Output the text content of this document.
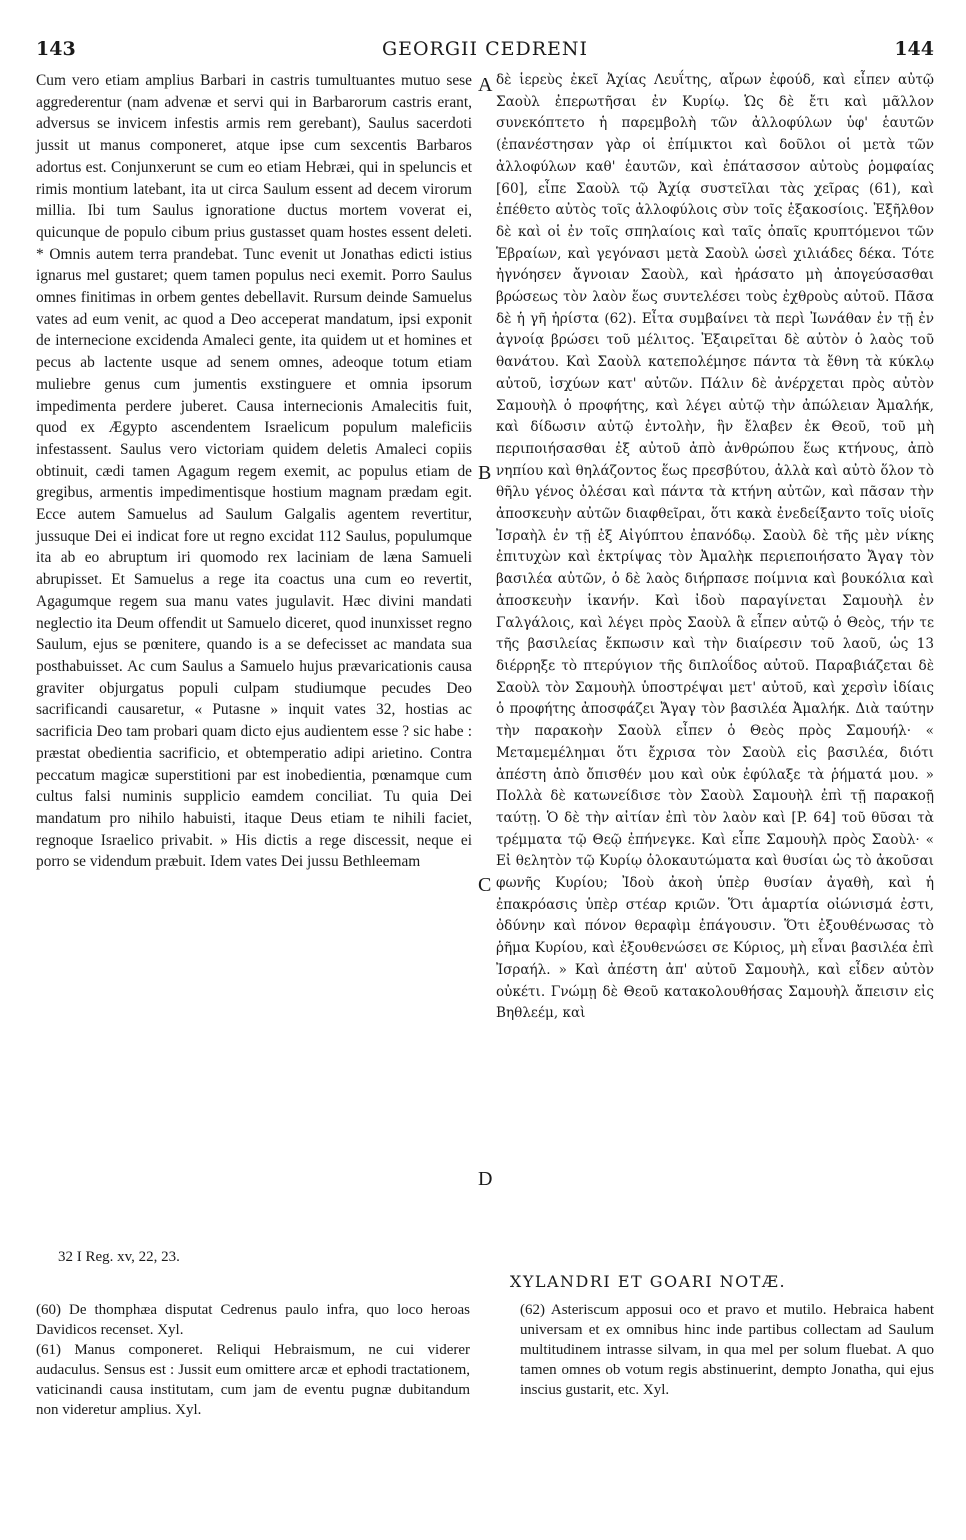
143	GEORGII CEDRENI	144

Cum vero etiam amplius Barbari in castris tumultuantes mutuo sese aggrederentur (nam advenæ et servi qui in Barbarorum castris erant, adversus se invicem infestis armis rem gerebant), Saulus sacerdoti jussit ut manus componeret, atque ipse cum sexcentis Barbaros adortus est. Conjunxerunt se cum eo etiam Hebræi, qui in speluncis et rimis montium latebant, ita ut circa Saulum essent ad decem virorum millia. Ibi tum Saulus ignoratione ductus mortem voverat ei, quicunque de populo cibum prius gustasset quam hostes essent deleti. * Omnis autem terra prandebat. Tunc evenit ut Jonathas edicti istius ignarus mel gustaret; quem tamen populus neci exemit. Porro Saulus omnes finitimas in orbem gentes debellavit. Rursum deinde Samuelus vates ad eum venit, ac quod a Deo acceperat mandatum, ipsi exponit de internecione excidenda Amaleci gente, ita quidem ut et homines et pecus ab lactente usque ad senem omnes, adeoque totum etiam muliebre genus cum jumentis exstinguere et omnia ipsorum impedimenta perdere juberet. Causa internecionis Amalecitis fuit, quod ex Ægypto ascendentem Israelicum populum maleficiis infestassent. Saulus vero victoriam quidem deletis Amaleci copiis obtinuit, cædi tamen Agagum regem exemit, ac populus etiam de gregibus, armentis impedimentisque hostium magnam prædam egit. Ecce autem Samuelus ad Saulum Galgalis agentem revertitur, jussuque Dei ei indicat fore ut regno excidat 112 Saulus, populumque ita ab eo abruptum iri quomodo rex laciniam de læna Samueli abrupisset. Et Samuelus a rege ita coactus una cum eo revertit, Agagumque regem sua manu vates jugulavit. Hæc divini mandati neglectio ita Deum offendit ut Samuelo diceret, quod inunxisset regno Saulum, ejus se pœnitere, quando is a se defecisset ac mandata sua posthabuisset. Ac cum Saulus a Samuelo hujus prævaricationis causa graviter objurgatus populi culpam studiumque pecudes Deo sacrificandi causaretur, « Putasne » inquit vates 32, hostias ac sacrificia Deo tam probari quam dicto ejus audientem esse ? sic habe : præstat obedientia sacrificio, et obtemperatio adipi arietino. Contra peccatum magicæ superstitioni par est inobedientia, pœnamque cum cultus falsi numinis supplicio eamdem conciliat. Tu quia Dei mandatum pro nihilo habuisti, itaque Deus etiam te nihili faciet, regnoque Israelico privabit. » His dictis a rege discessit, neque ei porro se videndum præbuit. Idem vates Dei jussu Bethleemam

δὲ ἱερεὺς ἐκεῖ Ἀχίας Λευΐτης, αἴρων ἐφούδ, καὶ εἶπεν αὐτῷ Σαοὺλ ἐπερωτῆσαι ἐν Κυρίῳ. Ὡς δὲ ἔτι καὶ μᾶλλον συνεκόπτετο ἡ παρεμβολὴ τῶν ἀλλοφύλων ὑφ' ἑαυτῶν (ἐπανέστησαν γὰρ οἱ ἐπίμικτοι καὶ δοῦλοι οἱ μετὰ τῶν ἀλλοφύλων καθ' ἑαυτῶν, καὶ ἐπάτασσον αὐτοὺς ῥομφαίας [60], εἶπε Σαοὺλ τῷ Ἀχίᾳ συστεῖλαι τὰς χεῖρας (61), καὶ ἐπέθετο αὐτὸς τοῖς ἀλλοφύλοις σὺν τοῖς ἑξακοσίοις. Ἐξῆλθον δὲ καὶ οἱ ἐν τοῖς σπηλαίοις καὶ ταῖς ὀπαῖς κρυπτόμενοι τῶν Ἑβραίων, καὶ γεγόνασι μετὰ Σαοὺλ ὡσεὶ χιλιάδες δέκα. Τότε ἠγνόησεν ἄγνοιαν Σαοὺλ, καὶ ἠράσατο μὴ ἀπογεύσασθαι βρώσεως τὸν λαὸν ἕως συντελέσει τοὺς ἐχθροὺς αὐτοῦ. Πᾶσα δὲ ἡ γῆ ἠρίστα (62). Εἶτα συμβαίνει τὰ περὶ Ἰωνάθαν ἐν τῇ ἐν ἀγνοίᾳ βρώσει τοῦ μέλιτος. Ἐξαιρεῖται δὲ αὐτὸν ὁ λαὸς τοῦ θανάτου. Καὶ Σαοὺλ κατεπολέμησε πάντα τὰ ἔθνη τὰ κύκλῳ αὐτοῦ, ἰσχύων κατ' αὐτῶν. Πάλιν δὲ ἀνέρχεται πρὸς αὐτὸν Σαμουὴλ ὁ προφήτης, καὶ λέγει αὐτῷ τὴν ἀπώλειαν Ἀμαλήκ, καὶ δίδωσιν αὐτῷ ἐντολὴν, ἣν ἔλαβεν ἐκ Θεοῦ, τοῦ μὴ περιποιήσασθαι ἐξ αὐτοῦ ἀπὸ ἀνθρώπου ἕως κτήνους, ἀπὸ νηπίου καὶ θηλάζοντος ἕως πρεσβύτου, ἀλλὰ καὶ αὐτὸ ὅλον τὸ θῆλυ γένος ὀλέσαι καὶ πάντα τὰ κτήνη αὐτῶν, καὶ πᾶσαν τὴν ἀποσκευὴν αὐτῶν διαφθεῖραι, ὅτι κακὰ ἐνεδείξαντο τοῖς υἱοῖς Ἰσραὴλ ἐν τῇ ἐξ Αἰγύπτου ἐπανόδῳ. Σαοὺλ δὲ τῆς μὲν νίκης ἐπιτυχὼν καὶ ἐκτρίψας τὸν Ἀμαλὴκ περιεποιήσατο Ἄγαγ τὸν βασιλέα αὐτῶν, ὁ δὲ λαὸς διήρπασε ποίμνια καὶ βουκόλια καὶ ἀποσκευὴν ἱκανήν. Καὶ ἰδοὺ παραγίνεται Σαμουὴλ ἐν Γαλγάλοις, καὶ λέγει πρὸς Σαοὺλ ἃ εἶπεν αὐτῷ ὁ Θεὸς, τήν τε τῆς βασιλείας ἔκπωσιν καὶ τὴν διαίρεσιν τοῦ λαοῦ, ὡς 13 διέρρηξε τὸ πτερύγιον τῆς διπλοΐδος αὐτοῦ. Παραβιάζεται δὲ Σαοὺλ τὸν Σαμουὴλ ὑποστρέψαι μετ' αὐτοῦ, καὶ χερσὶν ἰδίαις ὁ προφήτης ἀποσφάζει Ἄγαγ τὸν βασιλέα Ἀμαλήκ. Διὰ ταύτην τὴν παρακοὴν Σαοὺλ εἶπεν ὁ Θεὸς πρὸς Σαμουήλ· « Μεταμεμέλημαι ὅτι ἔχρισα τὸν Σαοὺλ εἰς βασιλέα, διότι ἀπέστη ἀπὸ ὄπισθέν μου καὶ οὐκ ἐφύλαξε τὰ ῥήματά μου. » Πολλὰ δὲ κατωνείδισε τὸν Σαοὺλ Σαμουὴλ ἐπὶ τῇ παρακοῇ ταύτῃ. Ὁ δὲ τὴν αἰτίαν ἐπὶ τὸν λαὸν καὶ [P. 64] τοῦ θῦσαι τὰ τρέμματα τῷ Θεῷ ἐπήνεγκε. Καὶ εἶπε Σαμουὴλ πρὸς Σαοὺλ· « Εἰ θελητὸν τῷ Κυρίῳ ὁλοκαυτώματα καὶ θυσίαι ὡς τὸ ἀκοῦσαι φωνῆς Κυρίου; Ἰδοὺ ἀκοὴ ὑπὲρ θυσίαν ἀγαθὴ, καὶ ἡ ἐπακρόασις ὑπὲρ στέαρ κριῶν. Ὅτι ἁμαρτία οἰώνισμά ἐστι, ὀδύνην καὶ πόνον θεραφὶμ ἐπάγουσιν. Ὅτι ἐξουθένωσας τὸ ῥῆμα Κυρίου, καὶ ἐξουθενώσει σε Κύριος, μὴ εἶναι βασιλέα ἐπὶ Ἰσραήλ. » Καὶ ἀπέστη ἀπ' αὐτοῦ Σαμουὴλ, καὶ εἶδεν αὐτὸν οὐκέτι. Γνώμῃ δὲ Θεοῦ κατακολουθήσας Σαμουὴλ ἄπεισιν εἰς Βηθλεέμ, καὶ

A
B
C
D
32 I Reg. xv, 22, 23.
XYLANDRI ET GOARI NOTÆ.

(60) De thomphæa disputat Cedrenus paulo infra, quo loco heroas Davidicos recenset. Xyl.

(61) Manus componeret. Reliqui Hebraismum, ne cui viderer audaculus. Sensus est : Jussit eum omittere arcæ et ephodi tractationem, vaticinandi causa institutam, cum jam de eventu pugnæ dubitandum non videretur amplius. Xyl.

(62) Asteriscum apposui oco et pravo et mutilo. Hebraica habent universam et ex omnibus hinc inde partibus collectam ad Saulum multitudinem intrasse silvam, in qua mel per solum fluebat. A quo tamen omnes ob votum regis abstinuerint, dempto Jonatha, qui ejus inscius gustarit, etc. Xyl.
